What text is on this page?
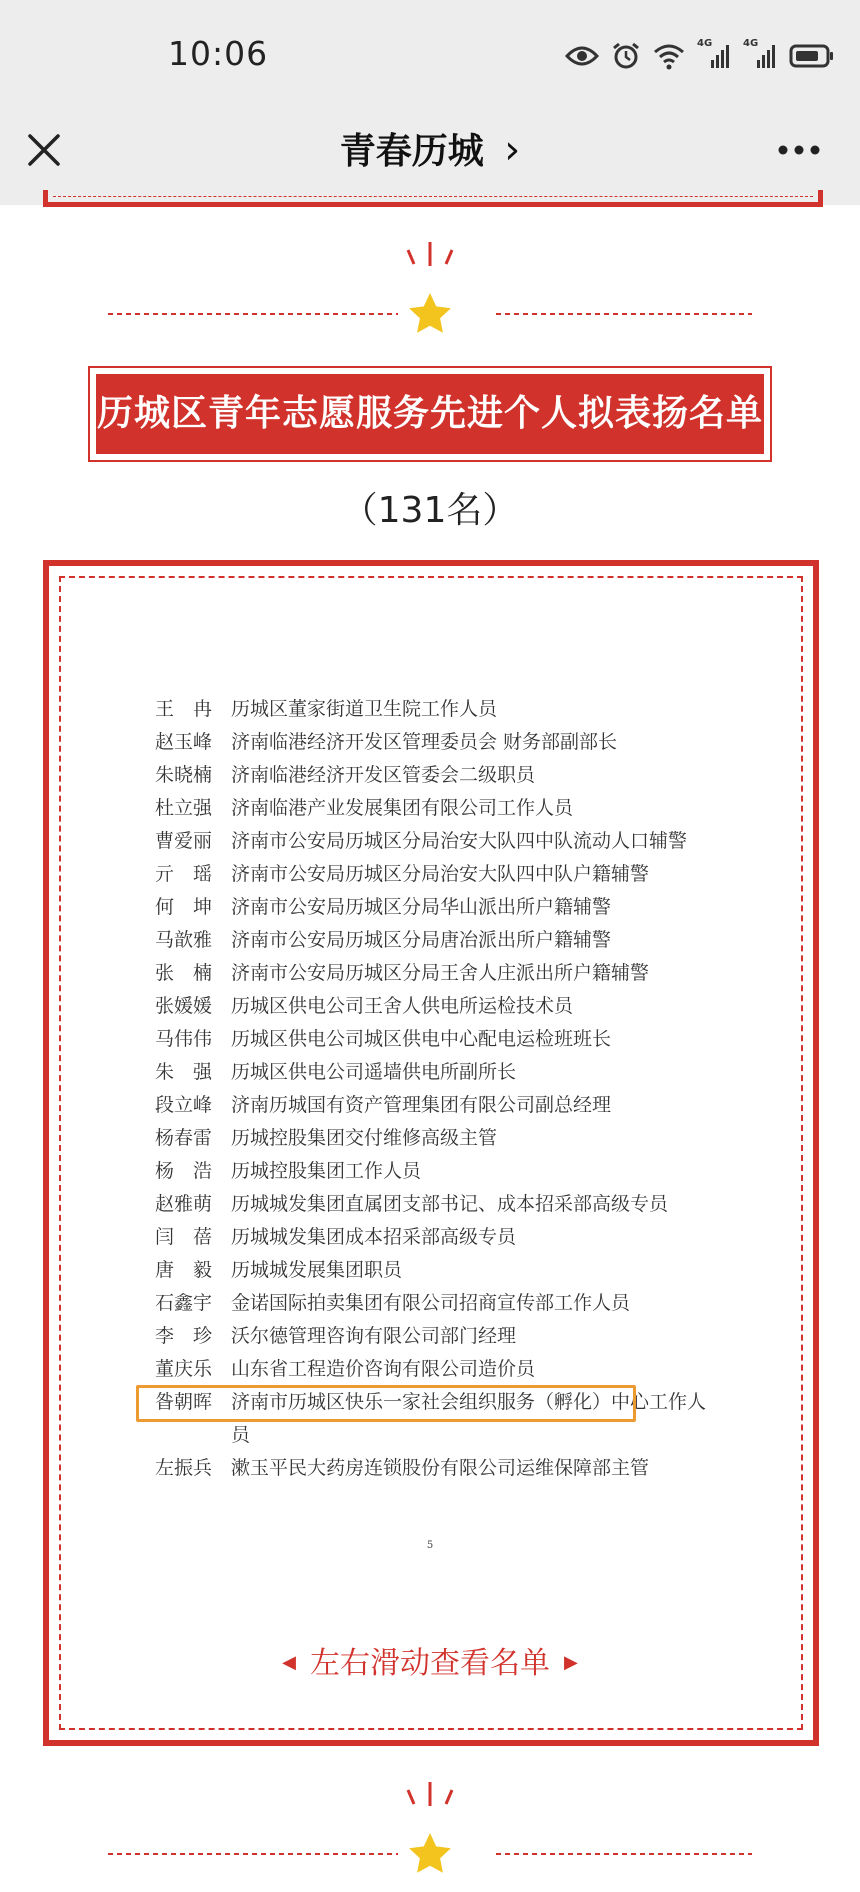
10:06	4G	4G
青春历城 ›
历城区青年志愿服务先进个人拟表扬名单
（131名）
王　冉 历城区董家街道卫生院工作人员
赵玉峰 济南临港经济开发区管理委员会 财务部副部长
朱晓楠 济南临港经济开发区管委会二级职员
杜立强 济南临港产业发展集团有限公司工作人员
曹爱丽 济南市公安局历城区分局治安大队四中队流动人口辅警
亓　瑶 济南市公安局历城区分局治安大队四中队户籍辅警
何　坤 济南市公安局历城区分局华山派出所户籍辅警
马歆雅 济南市公安局历城区分局唐冶派出所户籍辅警
张　楠 济南市公安局历城区分局王舍人庄派出所户籍辅警
张媛媛 历城区供电公司王舍人供电所运检技术员
马伟伟 历城区供电公司城区供电中心配电运检班班长
朱　强 历城区供电公司遥墙供电所副所长
段立峰 济南历城国有资产管理集团有限公司副总经理
杨春雷 历城控股集团交付维修高级主管
杨　浩 历城控股集团工作人员
赵雅萌 历城城发集团直属团支部书记、成本招采部高级专员
闫　蓓 历城城发集团成本招采部高级专员
唐　毅 历城城发展集团职员
石鑫宇 金诺国际拍卖集团有限公司招商宣传部工作人员
李　珍 沃尔德管理咨询有限公司部门经理
董庆乐 山东省工程造价咨询有限公司造价员
昝朝晖 济南市历城区快乐一家社会组织服务（孵化）中心工作人员
左振兵 漱玉平民大药房连锁股份有限公司运维保障部主管
5
◀ 左右滑动查看名单 ▶
